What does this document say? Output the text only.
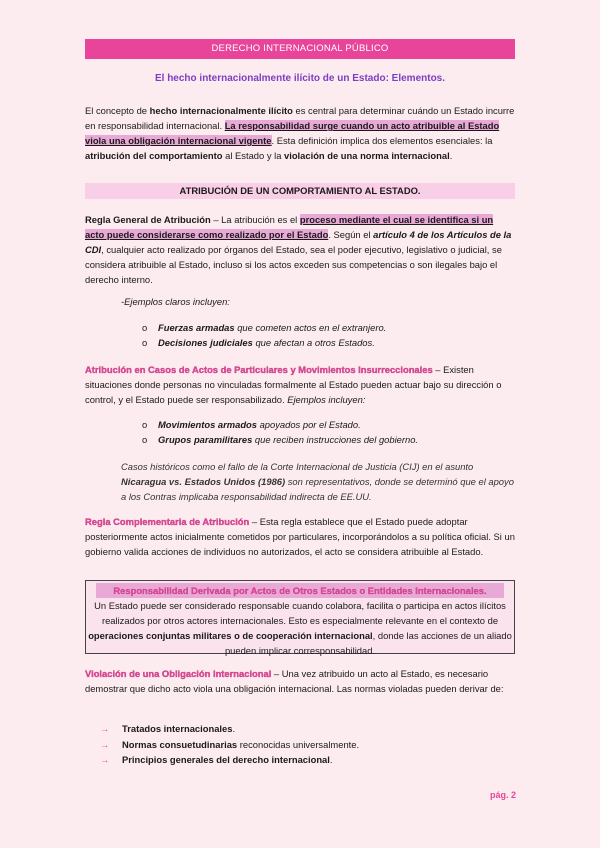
DERECHO INTERNACIONAL PÚBLICO
El hecho internacionalmente ilícito de un Estado: Elementos.
El concepto de hecho internacionalmente ilícito es central para determinar cuándo un Estado incurre en responsabilidad internacional. La responsabilidad surge cuando un acto atribuible al Estado viola una obligación internacional vigente. Esta definición implica dos elementos esenciales: la atribución del comportamiento al Estado y la violación de una norma internacional.
ATRIBUCIÓN DE UN COMPORTAMIENTO AL ESTADO.
Regla General de Atribución – La atribución es el proceso mediante el cual se identifica si un acto puede considerarse como realizado por el Estado. Según el artículo 4 de los Artículos de la CDI, cualquier acto realizado por órganos del Estado, sea el poder ejecutivo, legislativo o judicial, se considera atribuible al Estado, incluso si los actos exceden sus competencias o son ilegales bajo el derecho interno.
-Ejemplos claros incluyen:
o Fuerzas armadas que cometen actos en el extranjero.
o Decisiones judiciales que afectan a otros Estados.
Atribución en Casos de Actos de Particulares y Movimientos Insurreccionales – Existen situaciones donde personas no vinculadas formalmente al Estado pueden actuar bajo su dirección o control, y el Estado puede ser responsabilizado. Ejemplos incluyen:
o Movimientos armados apoyados por el Estado.
o Grupos paramilitares que reciben instrucciones del gobierno.
Casos históricos como el fallo de la Corte Internacional de Justicia (CIJ) en el asunto Nicaragua vs. Estados Unidos (1986) son representativos, donde se determinó que el apoyo a los Contras implicaba responsabilidad indirecta de EE.UU.
Regla Complementaria de Atribución – Esta regla establece que el Estado puede adoptar posteriormente actos inicialmente cometidos por particulares, incorporándolos a su política oficial. Si un gobierno valida acciones de individuos no autorizados, el acto se considera atribuible al Estado.
Responsabilidad Derivada por Actos de Otros Estados o Entidades Internacionales.
Un Estado puede ser considerado responsable cuando colabora, facilita o participa en actos ilícitos realizados por otros actores internacionales. Esto es especialmente relevante en el contexto de operaciones conjuntas militares o de cooperación internacional, donde las acciones de un aliado pueden implicar corresponsabilidad.
Violación de una Obligación Internacional – Una vez atribuido un acto al Estado, es necesario demostrar que dicho acto viola una obligación internacional. Las normas violadas pueden derivar de:
→ Tratados internacionales.
→ Normas consuetudinarias reconocidas universalmente.
→ Principios generales del derecho internacional.
pág. 2
